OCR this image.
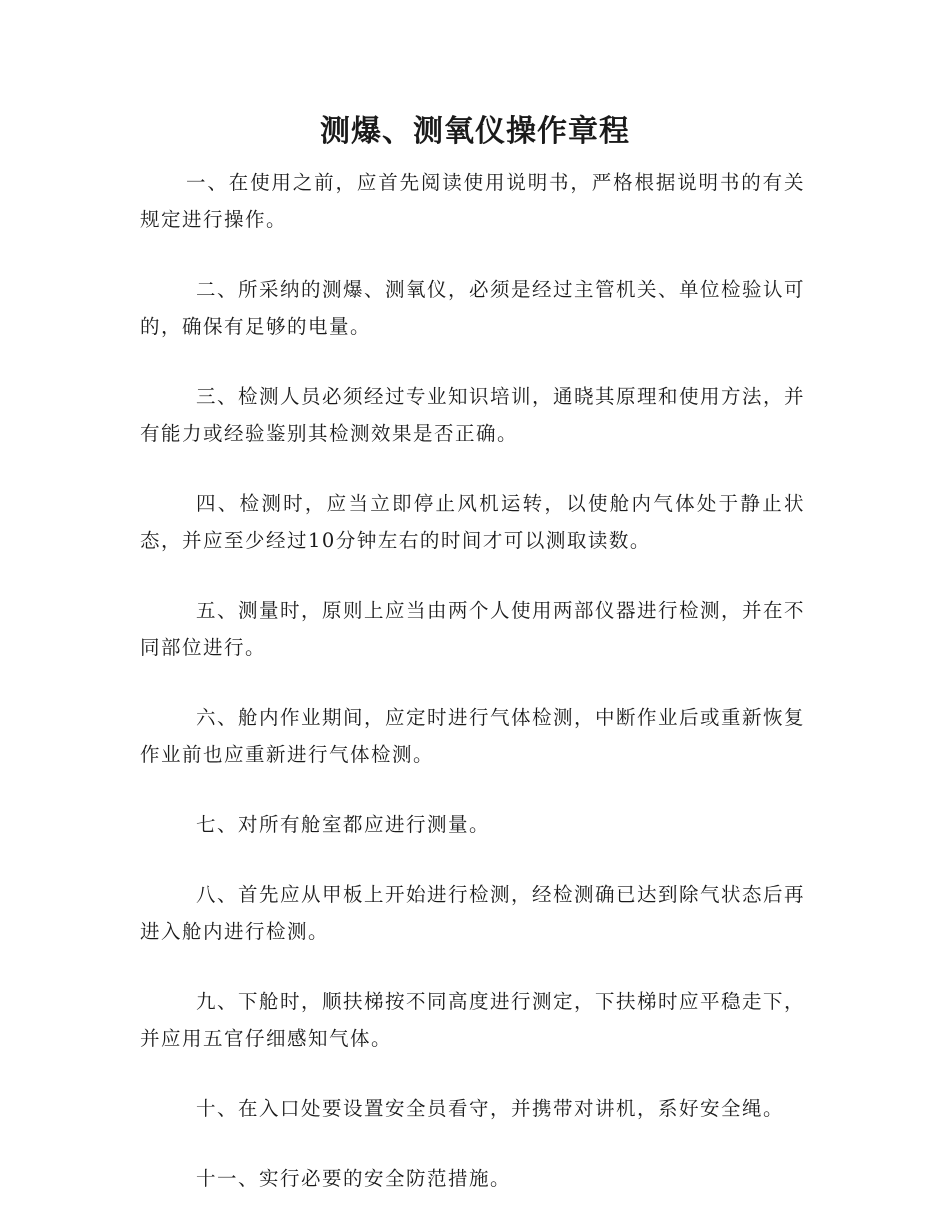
测爆、测氧仪操作章程

一、在使用之前，应首先阅读使用说明书，严格根据说明书的有关规定进行操作。

二、所采纳的测爆、测氧仪，必须是经过主管机关、单位检验认可的，确保有足够的电量。

三、检测人员必须经过专业知识培训，通晓其原理和使用方法，并有能力或经验鉴别其检测效果是否正确。

四、检测时，应当立即停止风机运转，以使舱内气体处于静止状态，并应至少经过10分钟左右的时间才可以测取读数。

五、测量时，原则上应当由两个人使用两部仪器进行检测，并在不同部位进行。

六、舱内作业期间，应定时进行气体检测，中断作业后或重新恢复作业前也应重新进行气体检测。

七、对所有舱室都应进行测量。

八、首先应从甲板上开始进行检测，经检测确已达到除气状态后再进入舱内进行检测。

九、下舱时，顺扶梯按不同高度进行测定，下扶梯时应平稳走下，并应用五官仔细感知气体。

十、在入口处要设置安全员看守，并携带对讲机，系好安全绳。

十一、实行必要的安全防范措施。
